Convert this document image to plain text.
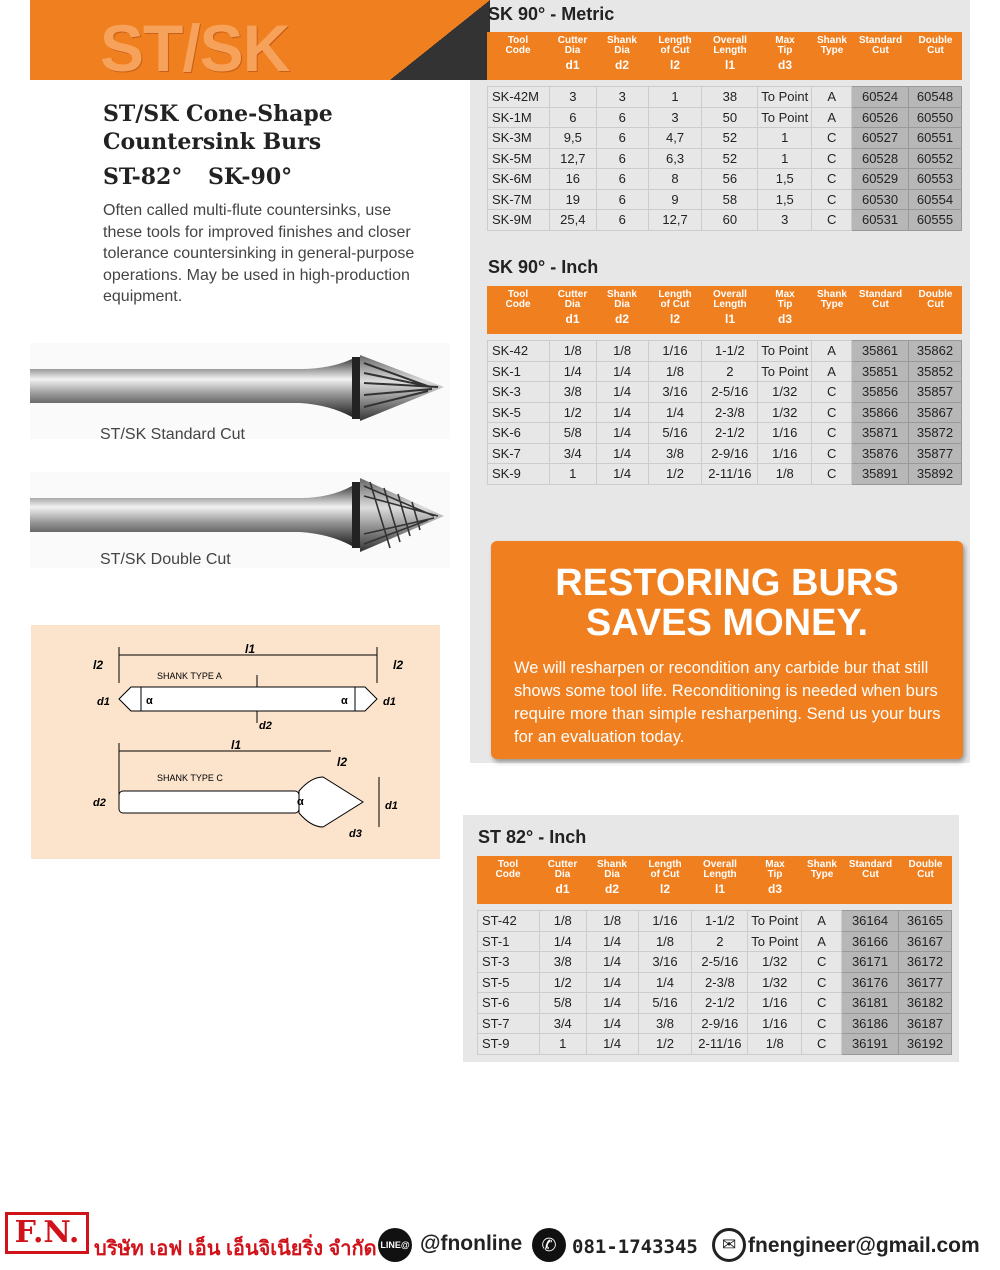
ST/SK
ST/SK Cone-Shape
Countersink Burs
ST-82° SK-90°
Often called multi-flute countersinks, use these tools for improved finishes and closer tolerance countersinking in general-purpose operations. May be used in high-production equipment.
ST/SK Standard Cut
ST/SK Double Cut
SHANK TYPE A
l1
α	α
l2	l2
d1	d1
d2
SHANK TYPE C
l1
α
d2
l2
d1
d3
SK 90° - Metric
Tool
Code
Cutter
Dia
d1
Shank
Dia
d2
Length
of Cut
l2
Overall
Length
l1
Max
Tip
d3
Shank
Type
Standard
Cut
Double
Cut
SK-42M	3	3	1	38	To Point	A	60524	60548
SK-1M	6	6	3	50	To Point	A	60526	60550
SK-3M	9,5	6	4,7	52	1	C	60527	60551
SK-5M	12,7	6	6,3	52	1	C	60528	60552
SK-6M	16	6	8	56	1,5	C	60529	60553
SK-7M	19	6	9	58	1,5	C	60530	60554
SK-9M	25,4	6	12,7	60	3	C	60531	60555
SK 90° - Inch
Tool
Code
Cutter
Dia
d1
Shank
Dia
d2
Length
of Cut
l2
Overall
Length
l1
Max
Tip
d3
Shank
Type
Standard
Cut
Double
Cut
SK-42	1/8	1/8	1/16	1-1/2	To Point	A	35861	35862
SK-1	1/4	1/4	1/8	2	To Point	A	35851	35852
SK-3	3/8	1/4	3/16	2-5/16	1/32	C	35856	35857
SK-5	1/2	1/4	1/4	2-3/8	1/32	C	35866	35867
SK-6	5/8	1/4	5/16	2-1/2	1/16	C	35871	35872
SK-7	3/4	1/4	3/8	2-9/16	1/16	C	35876	35877
SK-9	1	1/4	1/2	2-11/16	1/8	C	35891	35892
RESTORING BURS
SAVES MONEY.
We will resharpen or recondition any carbide bur that still shows some tool life. Reconditioning is needed when burs require more than simple resharpening. Send us your burs for an evaluation today.
ST 82° - Inch
Tool
Code
Cutter
Dia
d1
Shank
Dia
d2
Length
of Cut
l2
Overall
Length
l1
Max
Tip
d3
Shank
Type
Standard
Cut
Double
Cut
ST-42	1/8	1/8	1/16	1-1/2	To Point	A	36164	36165
ST-1	1/4	1/4	1/8	2	To Point	A	36166	36167
ST-3	3/8	1/4	3/16	2-5/16	1/32	C	36171	36172
ST-5	1/2	1/4	1/4	2-3/8	1/32	C	36176	36177
ST-6	5/8	1/4	5/16	2-1/2	1/16	C	36181	36182
ST-7	3/4	1/4	3/8	2-9/16	1/16	C	36186	36187
ST-9	1	1/4	1/2	2-11/16	1/8	C	36191	36192
F.N. บริษัท เอฟ เอ็น เอ็นจิเนียริ่ง จำกัด LINE@ @fnonline	✆ 081-1743345	✉ fnengineer@gmail.com
